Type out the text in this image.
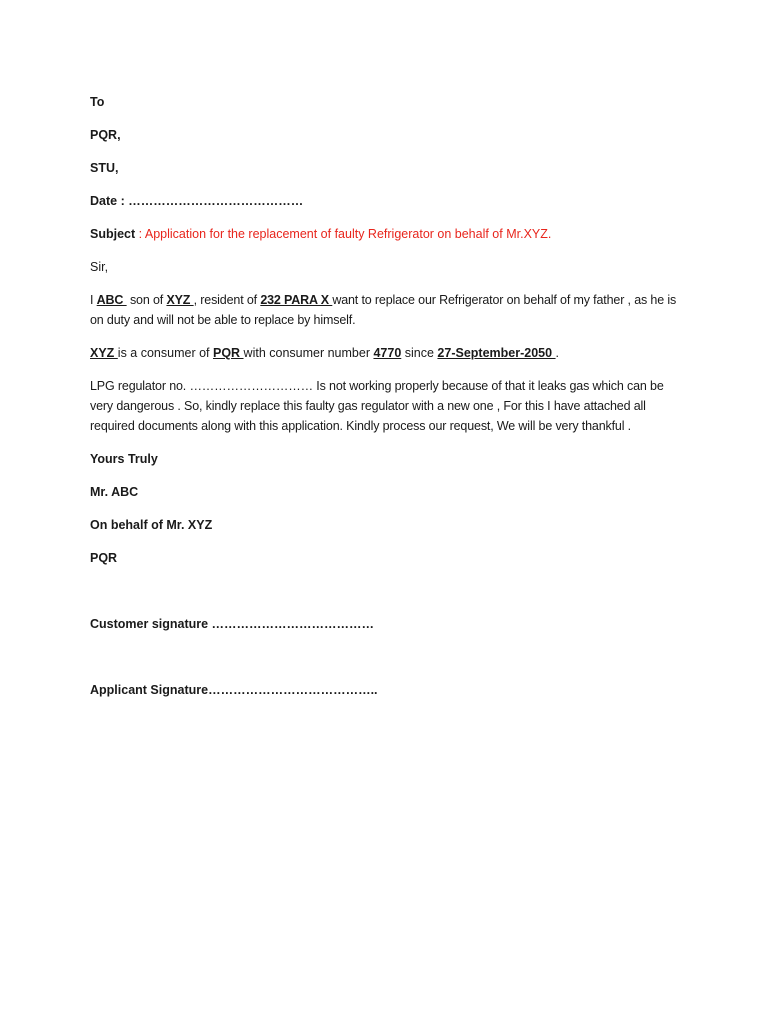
To
PQR,
STU,
Date : ……………………………………
Subject : Application for the replacement of faulty Refrigerator on behalf of Mr.XYZ.
Sir,
I ABC  son of XYZ , resident of 232 PARA X want to replace our Refrigerator on behalf of my father , as he is on duty and will not be able to replace by himself.
XYZ is a consumer of PQR with consumer number 4770 since 27-September-2050 .
LPG regulator no. ………………………… Is not working properly because of that it leaks gas which can be very dangerous . So, kindly replace this faulty gas regulator with a new one , For this I have attached all required documents along with this application. Kindly process our request, We will be very thankful .
Yours Truly
Mr. ABC
On behalf of Mr. XYZ
PQR
Customer signature …………………………………
Applicant Signature…………………………………..
